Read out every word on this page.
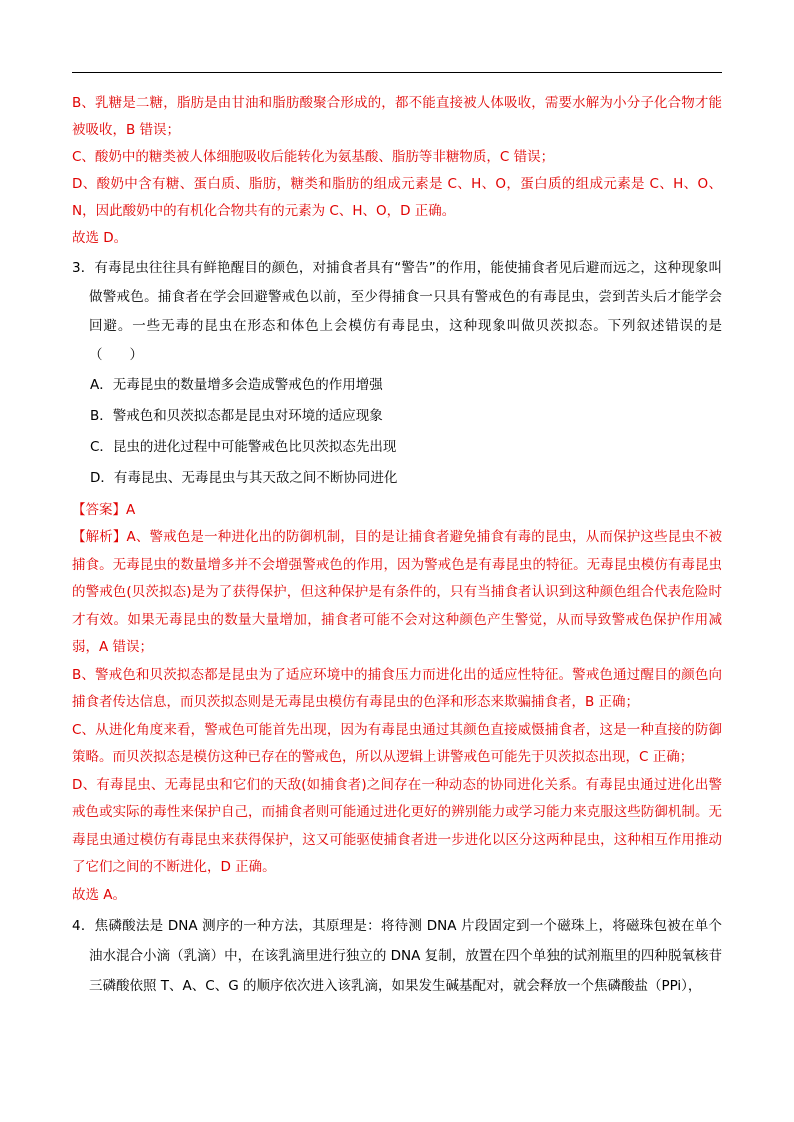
B、乳糖是二糖，脂肪是由甘油和脂肪酸聚合形成的，都不能直接被人体吸收，需要水解为小分子化合物才能被吸收，B 错误；

C、酸奶中的糖类被人体细胞吸收后能转化为氨基酸、脂肪等非糖物质，C 错误；

D、酸奶中含有糖、蛋白质、脂肪，糖类和脂肪的组成元素是 C、H、O，蛋白质的组成元素是 C、H、O、N，因此酸奶中的有机化合物共有的元素为 C、H、O，D 正确。

故选 D。

3．有毒昆虫往往具有鲜艳醒目的颜色，对捕食者具有“警告”的作用，能使捕食者见后避而远之，这种现象叫做警戒色。捕食者在学会回避警戒色以前，至少得捕食一只具有警戒色的有毒昆虫，尝到苦头后才能学会回避。一些无毒的昆虫在形态和体色上会模仿有毒昆虫，这种现象叫做贝茨拟态。下列叙述错误的是（　　）

A．无毒昆虫的数量增多会造成警戒色的作用增强

B．警戒色和贝茨拟态都是昆虫对环境的适应现象

C．昆虫的进化过程中可能警戒色比贝茨拟态先出现

D．有毒昆虫、无毒昆虫与其天敌之间不断协同进化

【答案】A

【解析】A、警戒色是一种进化出的防御机制，目的是让捕食者避免捕食有毒的昆虫，从而保护这些昆虫不被捕食。无毒昆虫的数量增多并不会增强警戒色的作用，因为警戒色是有毒昆虫的特征。无毒昆虫模仿有毒昆虫的警戒色(贝茨拟态)是为了获得保护，但这种保护是有条件的，只有当捕食者认识到这种颜色组合代表危险时才有效。如果无毒昆虫的数量大量增加，捕食者可能不会对这种颜色产生警觉，从而导致警戒色保护作用减弱，A 错误；

B、警戒色和贝茨拟态都是昆虫为了适应环境中的捕食压力而进化出的适应性特征。警戒色通过醒目的颜色向捕食者传达信息，而贝茨拟态则是无毒昆虫模仿有毒昆虫的色泽和形态来欺骗捕食者，B 正确；

C、从进化角度来看，警戒色可能首先出现，因为有毒昆虫通过其颜色直接威慑捕食者，这是一种直接的防御策略。而贝茨拟态是模仿这种已存在的警戒色，所以从逻辑上讲警戒色可能先于贝茨拟态出现，C 正确；

D、有毒昆虫、无毒昆虫和它们的天敌(如捕食者)之间存在一种动态的协同进化关系。有毒昆虫通过进化出警戒色或实际的毒性来保护自己，而捕食者则可能通过进化更好的辨别能力或学习能力来克服这些防御机制。无毒昆虫通过模仿有毒昆虫来获得保护，这又可能驱使捕食者进一步进化以区分这两种昆虫，这种相互作用推动了它们之间的不断进化，D 正确。

故选 A。

4．焦磷酸法是 DNA 测序的一种方法，其原理是：将待测 DNA 片段固定到一个磁珠上，将磁珠包被在单个油水混合小滴（乳滴）中，在该乳滴里进行独立的 DNA 复制，放置在四个单独的试剂瓶里的四种脱氧核苷三磷酸依照 T、A、C、G 的顺序依次进入该乳滴，如果发生碱基配对，就会释放一个焦磷酸盐（PPi），
